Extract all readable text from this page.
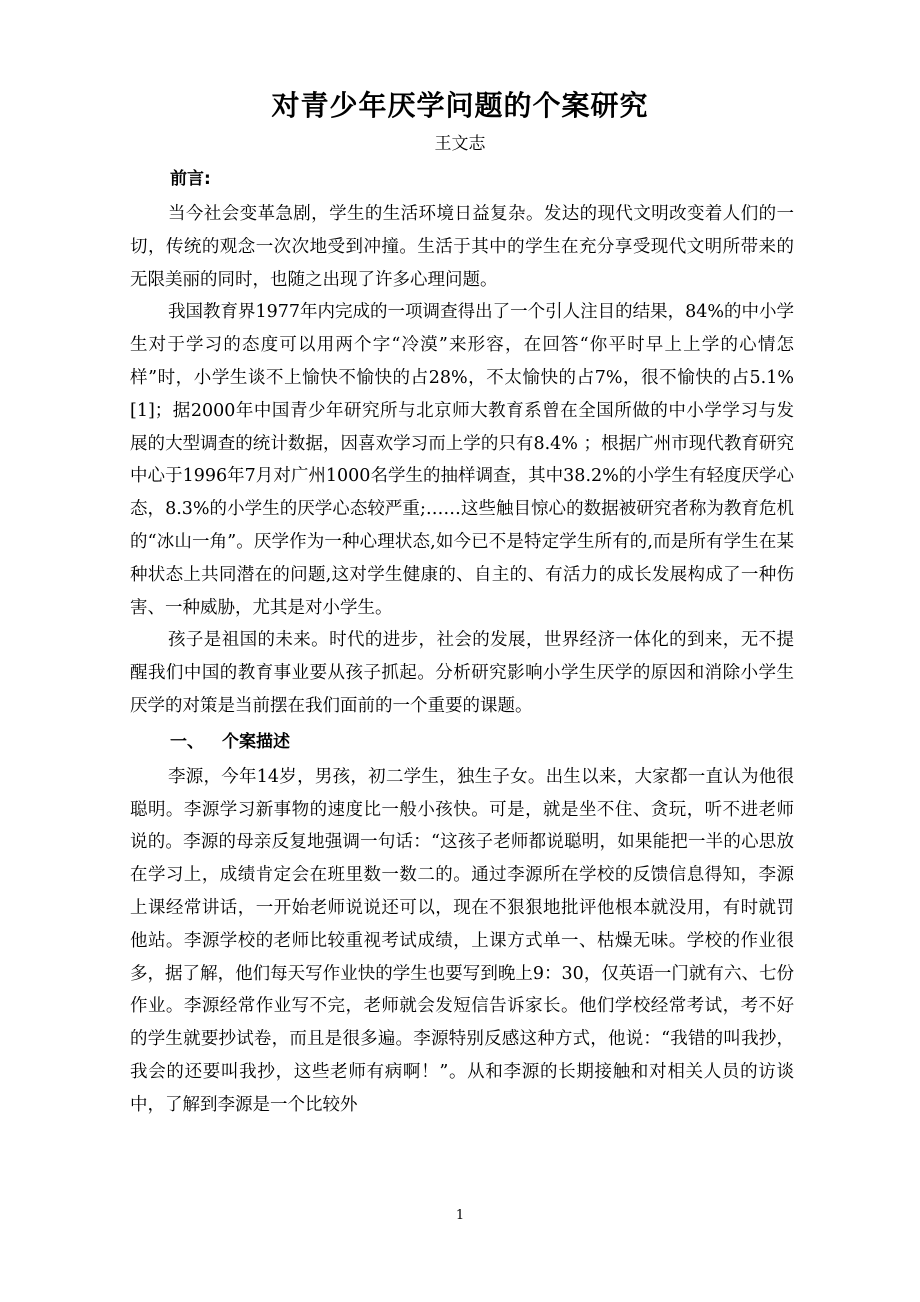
对青少年厌学问题的个案研究
王文志
前言:

当今社会变革急剧，学生的生活环境日益复杂。发达的现代文明改变着人们的一切，传统的观念一次次地受到冲撞。生活于其中的学生在充分享受现代文明所带来的无限美丽的同时，也随之出现了许多心理问题。

我国教育界1977年内完成的一项调查得出了一个引人注目的结果，84%的中小学生对于学习的态度可以用两个字“冷漠”来形容，在回答“你平时早上上学的心情怎样”时，小学生谈不上愉快不愉快的占28%，不太愉快的占7%，很不愉快的占5.1%[1]；据2000年中国青少年研究所与北京师大教育系曾在全国所做的中小学学习与发展的大型调查的统计数据，因喜欢学习而上学的只有8.4% ；根据广州市现代教育研究中心于1996年7月对广州1000名学生的抽样调查，其中38.2%的小学生有轻度厌学心态，8.3%的小学生的厌学心态较严重;……这些触目惊心的数据被研究者称为教育危机的“冰山一角”。厌学作为一种心理状态,如今已不是特定学生所有的,而是所有学生在某种状态上共同潜在的问题,这对学生健康的、自主的、有活力的成长发展构成了一种伤害、一种威胁，尤其是对小学生。

孩子是祖国的未来。时代的进步，社会的发展，世界经济一体化的到来，无不提醒我们中国的教育事业要从孩子抓起。分析研究影响小学生厌学的原因和消除小学生厌学的对策是当前摆在我们面前的一个重要的课题。

一、 个案描述

李源，今年14岁，男孩，初二学生，独生子女。出生以来，大家都一直认为他很聪明。李源学习新事物的速度比一般小孩快。可是，就是坐不住、贪玩，听不进老师说的。李源的母亲反复地强调一句话：“这孩子老师都说聪明，如果能把一半的心思放在学习上，成绩肯定会在班里数一数二的。通过李源所在学校的反馈信息得知，李源上课经常讲话，一开始老师说说还可以，现在不狠狠地批评他根本就没用，有时就罚他站。李源学校的老师比较重视考试成绩，上课方式单一、枯燥无味。学校的作业很多，据了解，他们每天写作业快的学生也要写到晚上9：30，仅英语一门就有六、七份作业。李源经常作业写不完，老师就会发短信告诉家长。他们学校经常考试，考不好的学生就要抄试卷，而且是很多遍。李源特别反感这种方式，他说：“我错的叫我抄，我会的还要叫我抄，这些老师有病啊！”。从和李源的长期接触和对相关人员的访谈中，了解到李源是一个比较外

1
